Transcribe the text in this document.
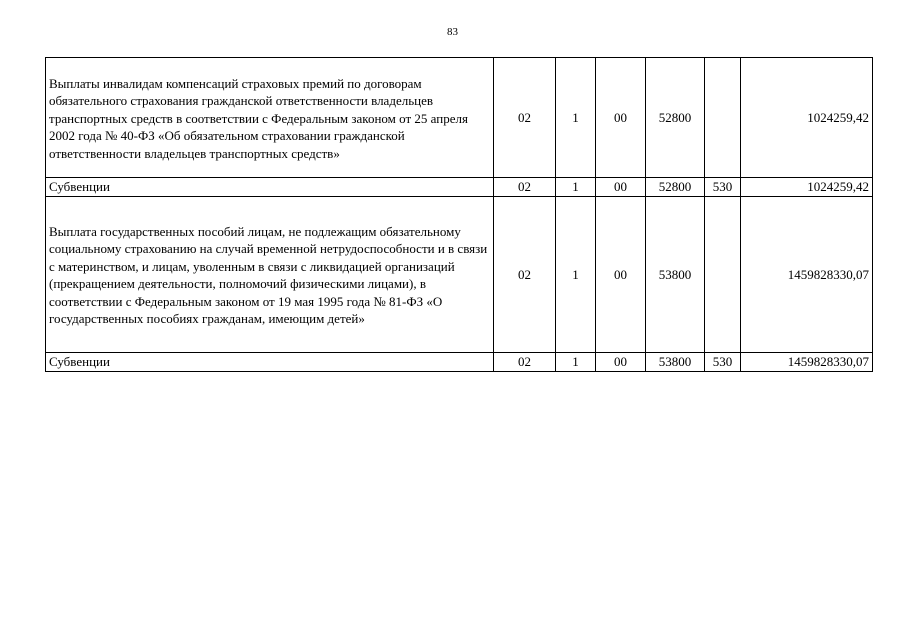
83
Выплаты инвалидам компенсаций страховых премий по договорам обязательного страхования гражданской ответственности владельцев транспортных средств в соответствии с Федеральным законом от 25 апреля 2002 года № 40-ФЗ «Об обязательном страховании гражданской ответственности владельцев транспортных средств»	02	1	00	52800		1024259,42
Субвенции	02	1	00	52800	530	1024259,42
Выплата государственных пособий лицам, не подлежащим обязательному социальному страхованию на случай временной нетрудоспособности и в связи с материнством, и лицам, уволенным в связи с ликвидацией организаций (прекращением деятельности, полномочий физическими лицами), в соответствии с Федеральным законом от 19 мая 1995 года № 81-ФЗ «О государственных пособиях гражданам, имеющим детей»	02	1	00	53800		1459828330,07
Субвенции	02	1	00	53800	530	1459828330,07
